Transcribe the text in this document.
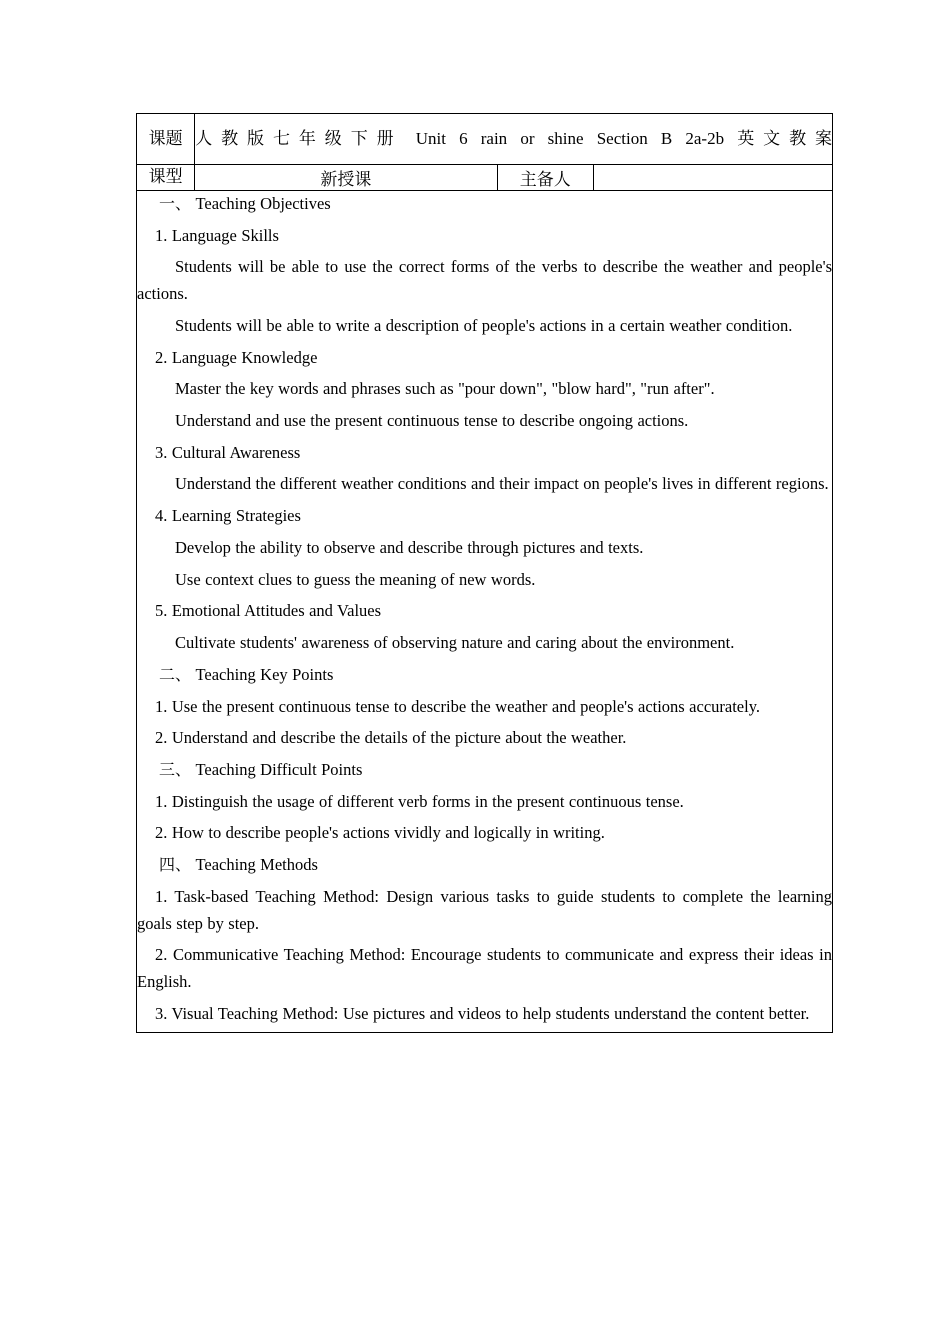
课题	人教版七年级下册 Unit 6 rain or shine Section B 2a-2b 英文教案		
课型	新授课	主备人	

一、 Teaching Objectives

1. Language Skills

Students will be able to use the correct forms of the verbs to describe the weather and people's actions.

Students will be able to write a description of people's actions in a certain weather condition.

2. Language Knowledge

Master the key words and phrases such as "pour down", "blow hard", "run after".

Understand and use the present continuous tense to describe ongoing actions.

3. Cultural Awareness

Understand the different weather conditions and their impact on people's lives in different regions.

4. Learning Strategies

Develop the ability to observe and describe through pictures and texts.

Use context clues to guess the meaning of new words.

5. Emotional Attitudes and Values

Cultivate students' awareness of observing nature and caring about the environment.

二、 Teaching Key Points

1. Use the present continuous tense to describe the weather and people's actions accurately.

2. Understand and describe the details of the picture about the weather.

三、 Teaching Difficult Points

1. Distinguish the usage of different verb forms in the present continuous tense.

2. How to describe people's actions vividly and logically in writing.

四、 Teaching Methods

1. Task-based Teaching Method: Design various tasks to guide students to complete the learning goals step by step.

2. Communicative Teaching Method: Encourage students to communicate and express their ideas in English.

3. Visual Teaching Method: Use pictures and videos to help students understand the content better.
